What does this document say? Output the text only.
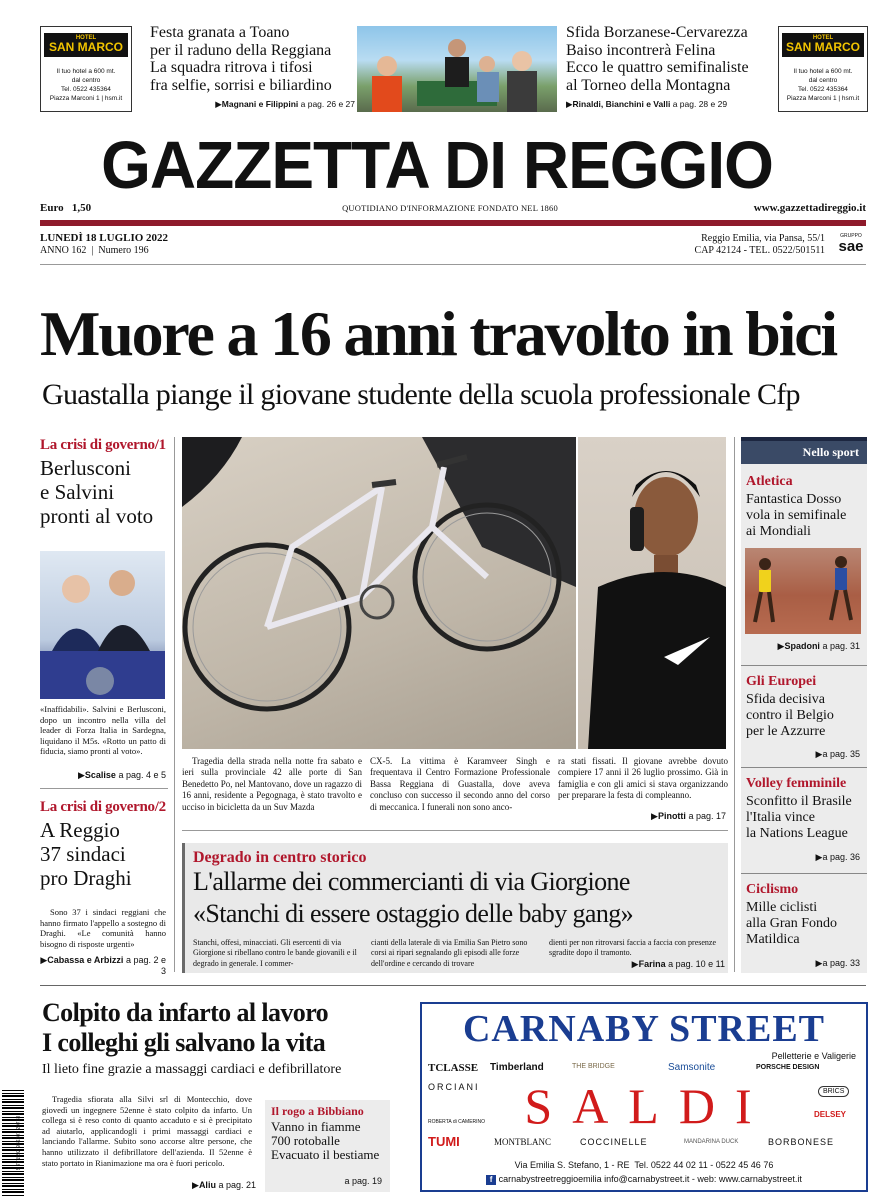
HOTEL
SAN MARCO
Il tuo hotel a 600 mt.
dal centro
Tel. 0522 435364
Piazza Marconi 1 | hsm.it
Festa granata a Toano
per il raduno della Reggiana
La squadra ritrova i tifosi
fra selfie, sorrisi e biliardino
▶Magnani e Filippini a pag. 26 e 27
Sfida Borzanese-Cervarezza
Baiso incontrerà Felina
Ecco le quattro semifinaliste
al Torneo della Montagna
▶Rinaldi, Bianchini e Valli a pag. 28 e 29
HOTEL
SAN MARCO
Il tuo hotel a 600 mt.
dal centro
Tel. 0522 435364
Piazza Marconi 1 | hsm.it
GAZZETTA DI REGGIO
Euro   1,50	QUOTIDIANO D'INFORMAZIONE FONDATO NEL 1860	www.gazzettadireggio.it
LUNEDÌ 18 LUGLIO 2022
ANNO 162  |  Numero 196
Reggio Emilia, via Pansa, 55/1
CAP 42124 - TEL. 0522/501511
GRUPPO
sae
Muore a 16 anni travolto in bici
Guastalla piange il giovane studente della scuola professionale Cfp
La crisi di governo/1
Berlusconi
e Salvini
pronti al voto
«Inaffidabili». Salvini e Berlusconi, dopo un incontro nella villa del leader di Forza Italia in Sardegna, liquidano il M5s. «Rotto un patto di fiducia, siamo pronti al voto».
▶Scalise a pag. 4 e 5
La crisi di governo/2
A Reggio
37 sindaci
pro Draghi
Sono 37 i sindaci reggiani che hanno firmato l'appello a sostegno di Draghi. «Le comunità hanno bisogno di risposte urgenti»
▶Cabassa e Arbizzi a pag. 2 e 3
Tragedia della strada nella notte fra sabato e ieri sulla provinciale 42 alle porte di San Benedetto Po, nel Mantovano, dove un ragazzo di 16 anni, residente a Pegognaga, è stato travolto e ucciso in bicicletta da un Suv Mazda
CX-5. La vittima è Karamveer Singh e frequentava il Centro Formazione Professionale Bassa Reggiana di Guastalla, dove aveva concluso con successo il secondo anno del corso di meccanica. I funerali non sono anco-
ra stati fissati. Il giovane avrebbe dovuto compiere 17 anni il 26 luglio prossimo. Già in famiglia e con gli amici si stava organizzando per preparare la festa di compleanno.
▶Pinotti a pag. 17
Nello sport
Atletica
Fantastica Dosso
vola in semifinale
ai Mondiali
▶Spadoni a pag. 31
Gli Europei
Sfida decisiva
contro il Belgio
per le Azzurre
▶a pag. 35
Volley femminile
Sconfitto il Brasile
l'Italia vince
la Nations League
▶a pag. 36
Ciclismo
Mille ciclisti
alla Gran Fondo
Matildica
▶a pag. 33
Degrado in centro storico
L'allarme dei commercianti di via Giorgione
«Stanchi di essere ostaggio delle baby gang»
Stanchi, offesi, minacciati. Gli esercenti di via Giorgione si ribellano contro le bande giovanili e il degrado in generale. I commer-
cianti della laterale di via Emilia San Pietro sono corsi ai ripari segnalando gli episodi alle forze dell'ordine e cercando di trovare
dienti per non ritrovarsi faccia a faccia con presenze sgradite dopo il tramonto.
▶Farina a pag. 10 e 11
Colpito da infarto al lavoro
I colleghi gli salvano la vita
Il lieto fine grazie a massaggi cardiaci e defibrillatore
9 771592 986207 20718
Tragedia sfiorata alla Silvi srl di Montecchio, dove giovedì un ingegnere 52enne è stato colpito da infarto. Un collega si è reso conto di quanto accaduto e si è precipitato ad aiutarlo, applicandogli i primi massaggi cardiaci e lanciando l'allarme. Subito sono accorse altre persone, che hanno utilizzato il defibrillatore dell'azienda. Il 52enne è stato portato in Rianimazione ma ora è fuori pericolo.
▶Aliu a pag. 21
Il rogo a Bibbiano
Vanno in fiamme
700 rotoballe
Evacuato il bestiame
a pag. 19
CARNABY STREET
Pelletterie e Valigerie
SALDI
TCLASSE Timberland	THE BRIDGE	Samsonite	PORSCHE DESIGN
ORCIANI	BRICS
ROBERTA di CAMERINO
DELSEY
TUMI	MONTBLANC	COCCINELLE	MANDARINA DUCK	BORBONESE
Via Emilia S. Stefano, 1 - RE  Tel. 0522 44 02 11 - 0522 45 46 76
f carnabystreetreggioemilia info@carnabystreet.it - web: www.carnabystreet.it
